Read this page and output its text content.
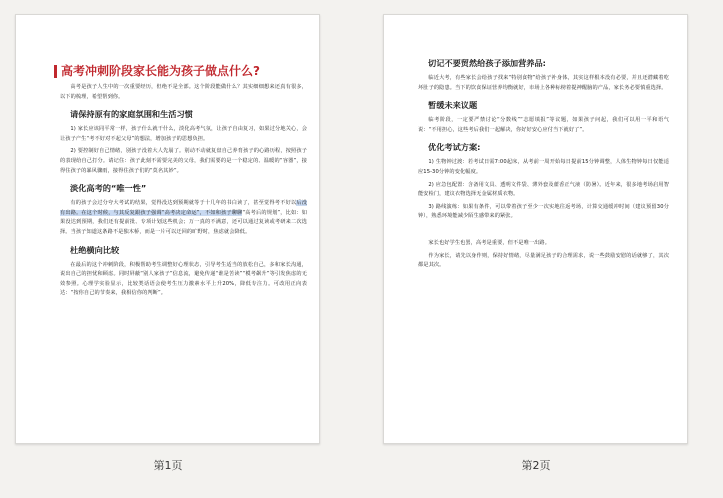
高考冲刺阶段家长能为孩子做点什么?
高考是孩子人生中的一次重要经历，但绝不是全部。这个阶段能做什么？其实细细想来还真有很多，以下的梳理，希望帮到你。
请保持原有的家庭氛围和生活习惯
1) 家长应该同平常一样，孩子什么就干什么，淡化高考气氛，让孩子自由复习，如果过分地关心，会让孩子产生“考不好对不起父母”的想法，增加孩子的思想负担。
2) 要控制好自己情绪，别孩子没着大人先崩了。别动不动就复盘自己养育孩子的心路历程，按照孩子的表现给自己打分。请记住：孩子此刻不需要完美的父母，我们需要的是一个稳定的、温暖的“容器”，接得住孩子的暴风骤雨，接得住孩子们的“莫名其妙”。
淡化高考的“唯一性”
有的孩子会过分夸大考试的结果，觉得没达到预期就等于十几年的书白读了，甚至觉得考不好以后没有出路。在这个时候，与其反复跟孩子强调“高考决定命运”，不如和孩子聊聊“高考后的规划”，比如：如果没达到预期，我们还有提前批、专项计划这些机会；万一真的不满意，还可以通过复读或考研来二次选择。当孩子知道这条路不是独木桥，而是一片可以迂回的旷野时，焦虑就会降低。
杜绝横向比较
在最后的这个冲刺阶段，积极帮助考生调整好心理状态，引导考生适当的放松自己，多和家长沟通，说出自己的担忧和顾虑。同时屏蔽“别人家孩子”信息流，避免传递“谁是苦读”“模考飙升”等引发焦虑的无效参照。心理学实验显示，比较类话语会使考生压力激素水平上升20%，降低专注力。可改用正向表达：“按你自己的节奏来，我相信你的判断”。
切记不要贸然给孩子添加营养品:
临近大考，有些家长会给孩子找来“特别食物”给孩子补身体，其实这样根本没有必要，并且还潜藏着吃坏肚子的隐患。当下的饮食保证营养均衡就好，市场上各种标榜着提神醒脑的产品，家长务必要慎重选择。
暂缓未来议题
临考阶段，一定要严禁讨论“分数线”“志愿填报”等议题，如果孩子问起，我们可以用一平和语气说：“不用担心，这些考后我们一起解决，你好好安心应付当下就好了”。
优化考试方案:
1) 生物钟过渡：若考试日需7:00起床，从考前一周开始每日提前15分钟调整，人体生物钟每日仅能适应15-30分钟的变化幅度。
2) 应急包配置：含备用文具、透明文件袋、薄外套及藿香正气液（防暑）。近年来，很多地考场启用智能安检门，建议衣物选择无金属材质衣物。
3) 路线演练：如果有条件，可以带着孩子至少一次实地往返考场，计算交通缓冲时间（建议预留30分钟），熟悉环境能减少陌生感带来的紧张。
家长也好学生也罢，高考是重要，但不是唯一出路。
作为家长，请先以身作则，保持好情绪，尽量满足孩子的合理需求，说一些鼓励安慰的话就够了，其次都是其次。
第1页	第2页
